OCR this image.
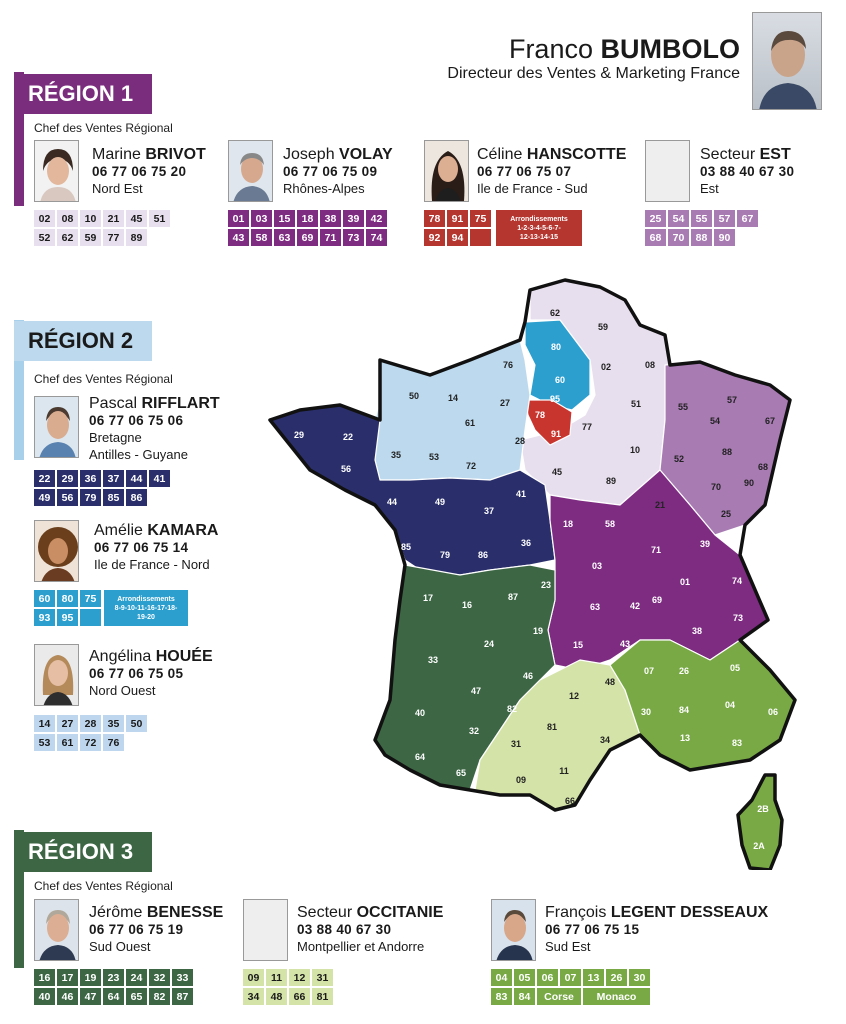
Franco BUMBOLO
Directeur des Ventes & Marketing France
RÉGION 1
Chef des Ventes Régional
Marine BRIVOT
06 77 06 75 20
Nord Est
02	08	10	21	45	51
52	62	59	77	89
Joseph VOLAY
06 77 06 75 09
Rhônes-Alpes
01	03	15	18	38	39	42
43	58	63	69	71	73	74
Céline HANSCOTTE
06 77 06 75 07
Ile de France - Sud
78	91	75
92	94
Arrondissements
1-2-3-4-5-6-7-
12-13-14-15
Secteur EST
03 88 40 67 30
Est
25	54	55	57	67
68	70	88	90
RÉGION 2
Chef des Ventes Régional
Pascal RIFFLART
06 77 06 75 06
Bretagne
Antilles - Guyane
22	29	36	37	44	41
49	56	79	85	86
Amélie KAMARA
06 77 06 75 14
Ile de France - Nord
60	80	75
93	95
Arrondissements
8-9-10-11-16-17-18-
19-20
Angélina HOUÉE
06 77 06 75 05
Nord Ouest
14	27	28	35	50
53	61	72	76
RÉGION 3
Chef des Ventes Régional
Jérôme BENESSE
06 77 06 75 19
Sud Ouest
16	17	19	23	24	32	33
40	46	47	64	65	82	87
Secteur OCCITANIE
03 88 40 67 30
Montpellier et Andorre
09	11	12	31
34	48	66	81
François LEGENT DESSEAUX
06 77 06 75 15
Sud Est
04	05	06	07	13	26	30
83	84	Corse	Monaco
62
59
80
76	02	08
60
50	14	27	95
78
91
77
51	55
57
54	67
61
28
29	22
35	53
72
45
10
52
88
68
56
89
70	90
44	49
37
41
21
25
18	58
39
85
79	86
36
71
03
01	74
17
16
87
23
63	42
69
73
19
24	15	43
38
07	26	05
33
46
48
12
47
82
81
30	84	04
06
40
32
31	34	13	83
64
65
09
11
66
2B
2A
